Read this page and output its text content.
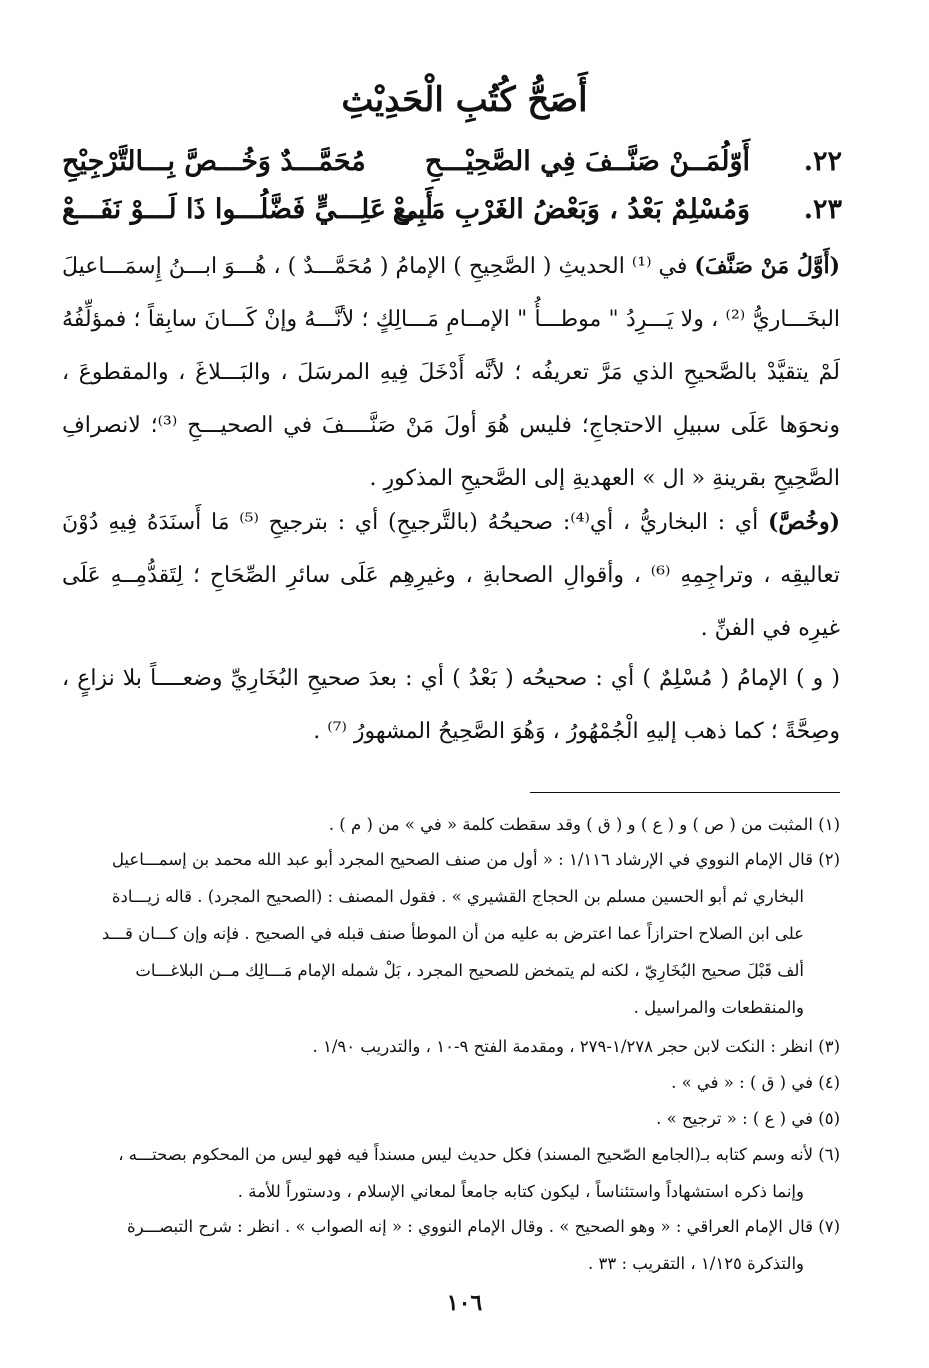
أَصَحُّ كُتُبِ الْحَدِيْثِ
٢٢.
أَوّلُمَــنْ صَنَّــفَ فِي الصَّحِيْـــحِ
مُحَمَّـــدٌ وَخُـــصَّ بِـــالتَّرْجِيْحِ
٢٣.
وَمُسْلِمٌ بَعْدُ ، وَبَعْضُ الغَرْبِ مَـــعْ
أَبِي عَلِـــيٍّ فَضَّلُـــوا ذَا لَـــوْ نَفَـــعْ
(أَوَّلُ مَنْ صَنَّفَ) في ⁽¹⁾ الحديثِ ( الصَّحِيحِ ) الإمامُ ( مُحَمَّـــدٌ ) ، هُـــوَ ابـــنُ إِسمَـــاعيلَ البخَـــاريُّ ⁽²⁾ ، ولا يَـــرِدُ " موطـــأُ " الإمــامِ مَـــالِكٍ ؛ لأنَّـــهُ وإنْ كَـــانَ سابِقاً ؛ فمؤلِّفُهُ لَمْ يتقيَّدْ بالصَّحيحِ الذي مَرَّ تعريفُه ؛ لأنَّه أَدْخَلَ فِيهِ المرسَلَ ، والبَـــلاغَ ، والمقطوعَ ، ونحوَها عَلَى سبيلِ الاحتجاجِ؛ فليس هُوَ أولَ مَنْ صَنَّــــفَ في الصحيـــحِ ⁽³⁾؛ لانصرافِ الصَّحِيحِ بقرينةِ « ال » العهديةِ إلى الصَّحيحِ المذكورِ .
(وخُصَّ) أي : البخاريُّ ، أي⁽⁴⁾: صحيحُهُ (بالتَّرجيحِ) أي : بترجيحِ ⁽⁵⁾ مَا أَسنَدَهُ فِيهِ دُوْنَ تعاليقِه ، وتراجِمِهِ ⁽⁶⁾ ، وأقوالِ الصحابةِ ، وغيرِهِم عَلَى سائرِ الصِّحَاحِ ؛ لِتَقدُّمِــهِ عَلَى غيرِه في الفنِّ .
( و ) الإمامُ ( مُسْلِمٌ ) أي : صحيحُه ( بَعْدُ ) أي : بعدَ صحيحِ البُخَارِيِّ وضعــــاً بلا نزاعٍ ، وصِحَّةً ؛ كما ذهب إليهِ الْجُمْهُورُ ، وَهُوَ الصَّحِيحُ المشهورُ ⁽⁷⁾ .
(١) المثبت من ( ص ) و ( ع ) و ( ق ) وقد سقطت كلمة « في » من ( م ) .
(٢) قال الإمام النووي في الإرشاد ١/١١٦ : « أول من صنف الصحيح المجرد أبو عبد الله محمد بن إسمـــاعيل
البخاري ثم أبو الحسين مسلم بن الحجاج القشيري » . فقول المصنف : (الصحيح المجرد) . قاله زيـــادة
على ابن الصلاح احترازاً عما اعترض به عليه من أن الموطأ صنف قبله في الصحيح . فإنه وإن كـــان قـــد
ألف قَبْلَ صحيح البُخَارِيّ ، لكنه لم يتمخض للصحيح المجرد ، بَلْ شمله الإمام مَـــالِك مــن البلاغـــات
والمنقطعات والمراسيل .
(٣) انظر : النكت لابن حجر ١/٢٧٨-٢٧٩ ، ومقدمة الفتح ٩-١٠ ، والتدريب ١/٩٠ .
(٤) في ( ق ) : « في » .
(٥) في ( ع ) : « ترجيح » .
(٦) لأنه وسم كتابه بـ(الجامع الصّحيح المسند) فكل حديث ليس مسنداً فيه فهو ليس من المحكوم بصحتـــه ،
وإنما ذكره استشهاداً واستئناساً ، ليكون كتابه جامعاً لمعاني الإسلام ، ودستوراً للأمة .
(٧) قال الإمام العراقي : « وهو الصحيح » . وقال الإمام النووي : « إنه الصواب » . انظر : شرح التبصـــرة
والتذكرة ١/١٢٥ ، التقريب : ٣٣ .
١٠٦
